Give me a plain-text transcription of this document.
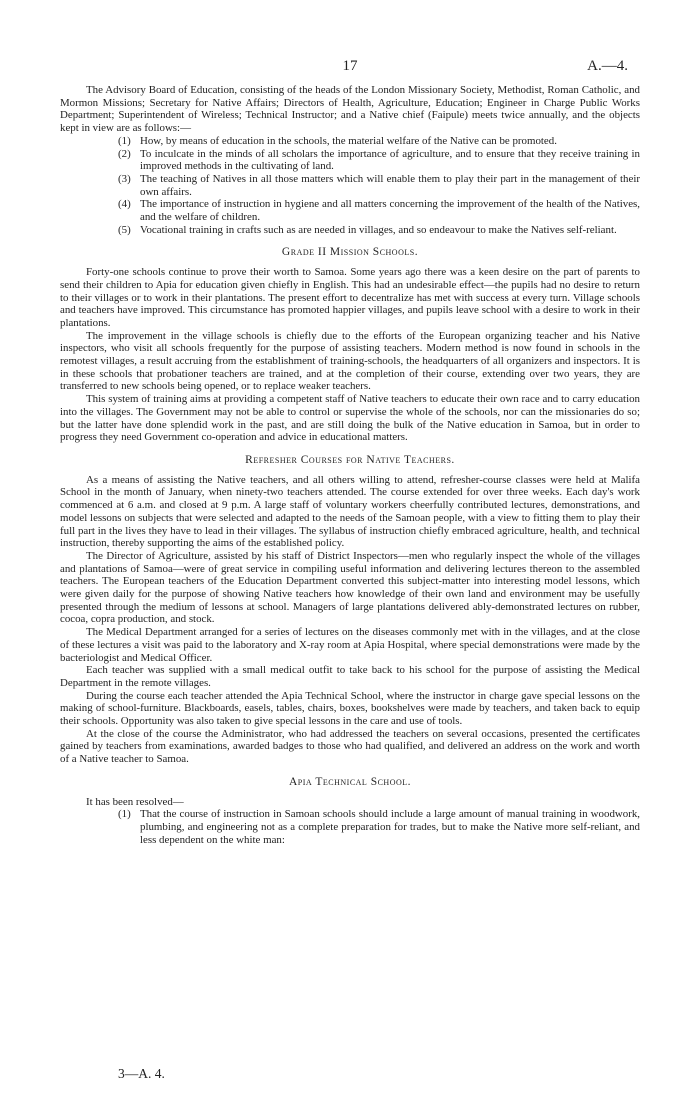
17	A.—4.

The Advisory Board of Education, consisting of the heads of the London Missionary Society, Methodist, Roman Catholic, and Mormon Missions; Secretary for Native Affairs; Directors of Health, Agriculture, Education; Engineer in Charge Public Works Department; Superintendent of Wireless; Technical Instructor; and a Native chief (Faipule) meets twice annually, and the objects kept in view are as follows:—

(1) How, by means of education in the schools, the material welfare of the Native can be promoted.
(2) To inculcate in the minds of all scholars the importance of agriculture, and to ensure that they receive training in improved methods in the cultivating of land.
(3) The teaching of Natives in all those matters which will enable them to play their part in the management of their own affairs.
(4) The importance of instruction in hygiene and all matters concerning the improvement of the health of the Natives, and the welfare of children.
(5) Vocational training in crafts such as are needed in villages, and so endeavour to make the Natives self-reliant.
Grade II Mission Schools.

Forty-one schools continue to prove their worth to Samoa. Some years ago there was a keen desire on the part of parents to send their children to Apia for education given chiefly in English. This had an undesirable effect—the pupils had no desire to return to their villages or to work in their plantations. The present effort to decentralize has met with success at every turn. Village schools and teachers have improved. This circumstance has promoted happier villages, and pupils leave school with a desire to work in their plantations.

The improvement in the village schools is chiefly due to the efforts of the European organizing teacher and his Native inspectors, who visit all schools frequently for the purpose of assisting teachers. Modern method is now found in schools in the remotest villages, a result accruing from the establishment of training-schools, the headquarters of all organizers and inspectors. It is in these schools that probationer teachers are trained, and at the completion of their course, extending over two years, they are transferred to new schools being opened, or to replace weaker teachers.

This system of training aims at providing a competent staff of Native teachers to educate their own race and to carry education into the villages. The Government may not be able to control or supervise the whole of the schools, nor can the missionaries do so; but the latter have done splendid work in the past, and are still doing the bulk of the Native education in Samoa, but in order to progress they need Government co-operation and advice in educational matters.

Refresher Courses for Native Teachers.

As a means of assisting the Native teachers, and all others willing to attend, refresher-course classes were held at Malifa School in the month of January, when ninety-two teachers attended. The course extended for over three weeks. Each day's work commenced at 6 a.m. and closed at 9 p.m. A large staff of voluntary workers cheerfully contributed lectures, demonstrations, and model lessons on subjects that were selected and adapted to the needs of the Samoan people, with a view to fitting them to play their full part in the lives they have to lead in their villages. The syllabus of instruction chiefly embraced agriculture, health, and technical instruction, thereby supporting the aims of the established policy.

The Director of Agriculture, assisted by his staff of District Inspectors—men who regularly inspect the whole of the villages and plantations of Samoa—were of great service in compiling useful information and delivering lectures thereon to the assembled teachers. The European teachers of the Education Department converted this subject-matter into interesting model lessons, which were given daily for the purpose of showing Native teachers how knowledge of their own land and environment may be usefully presented through the medium of lessons at school. Managers of large plantations delivered ably-demonstrated lectures on rubber, cocoa, copra production, and stock.

The Medical Department arranged for a series of lectures on the diseases commonly met with in the villages, and at the close of these lectures a visit was paid to the laboratory and X-ray room at Apia Hospital, where special demonstrations were made by the bacteriologist and Medical Officer.

Each teacher was supplied with a small medical outfit to take back to his school for the purpose of assisting the Medical Department in the remote villages.

During the course each teacher attended the Apia Technical School, where the instructor in charge gave special lessons on the making of school-furniture. Blackboards, easels, tables, chairs, boxes, bookshelves were made by teachers, and taken back to equip their schools. Opportunity was also taken to give special lessons in the care and use of tools.

At the close of the course the Administrator, who had addressed the teachers on several occasions, presented the certificates gained by teachers from examinations, awarded badges to those who had qualified, and delivered an address on the work and worth of a Native teacher to Samoa.

Apia Technical School.

It has been resolved—

(1) That the course of instruction in Samoan schools should include a large amount of manual training in woodwork, plumbing, and engineering not as a complete preparation for trades, but to make the Native more self-reliant, and less dependent on the white man:
3—A. 4.
